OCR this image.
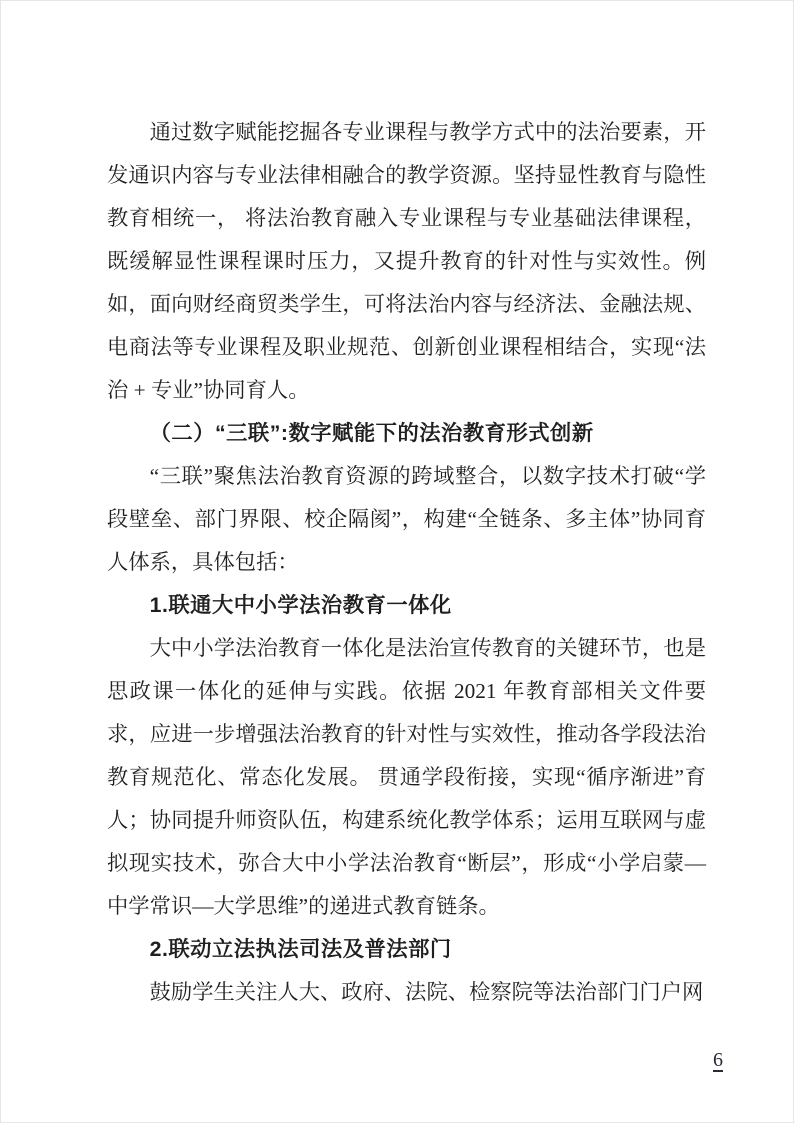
通过数字赋能挖掘各专业课程与教学方式中的法治要素，开发通识内容与专业法律相融合的教学资源。坚持显性教育与隐性教育相统一， 将法治教育融入专业课程与专业基础法律课程，既缓解显性课程课时压力，又提升教育的针对性与实效性。例如，面向财经商贸类学生，可将法治内容与经济法、金融法规、电商法等专业课程及职业规范、创新创业课程相结合，实现“法治 + 专业”协同育人。

（二）“三联”:数字赋能下的法治教育形式创新

“三联”聚焦法治教育资源的跨域整合，以数字技术打破“学段壁垒、部门界限、校企隔阂”，构建“全链条、多主体”协同育人体系，具体包括：

1.联通大中小学法治教育一体化

大中小学法治教育一体化是法治宣传教育的关键环节，也是思政课一体化的延伸与实践。依据 2021 年教育部相关文件要求，应进一步增强法治教育的针对性与实效性，推动各学段法治教育规范化、常态化发展。 贯通学段衔接，实现“循序渐进”育人；协同提升师资队伍，构建系统化教学体系；运用互联网与虚拟现实技术，弥合大中小学法治教育“断层”，形成“小学启蒙—中学常识—大学思维”的递进式教育链条。

2.联动立法执法司法及普法部门

鼓励学生关注人大、政府、法院、检察院等法治部门门户网

6
